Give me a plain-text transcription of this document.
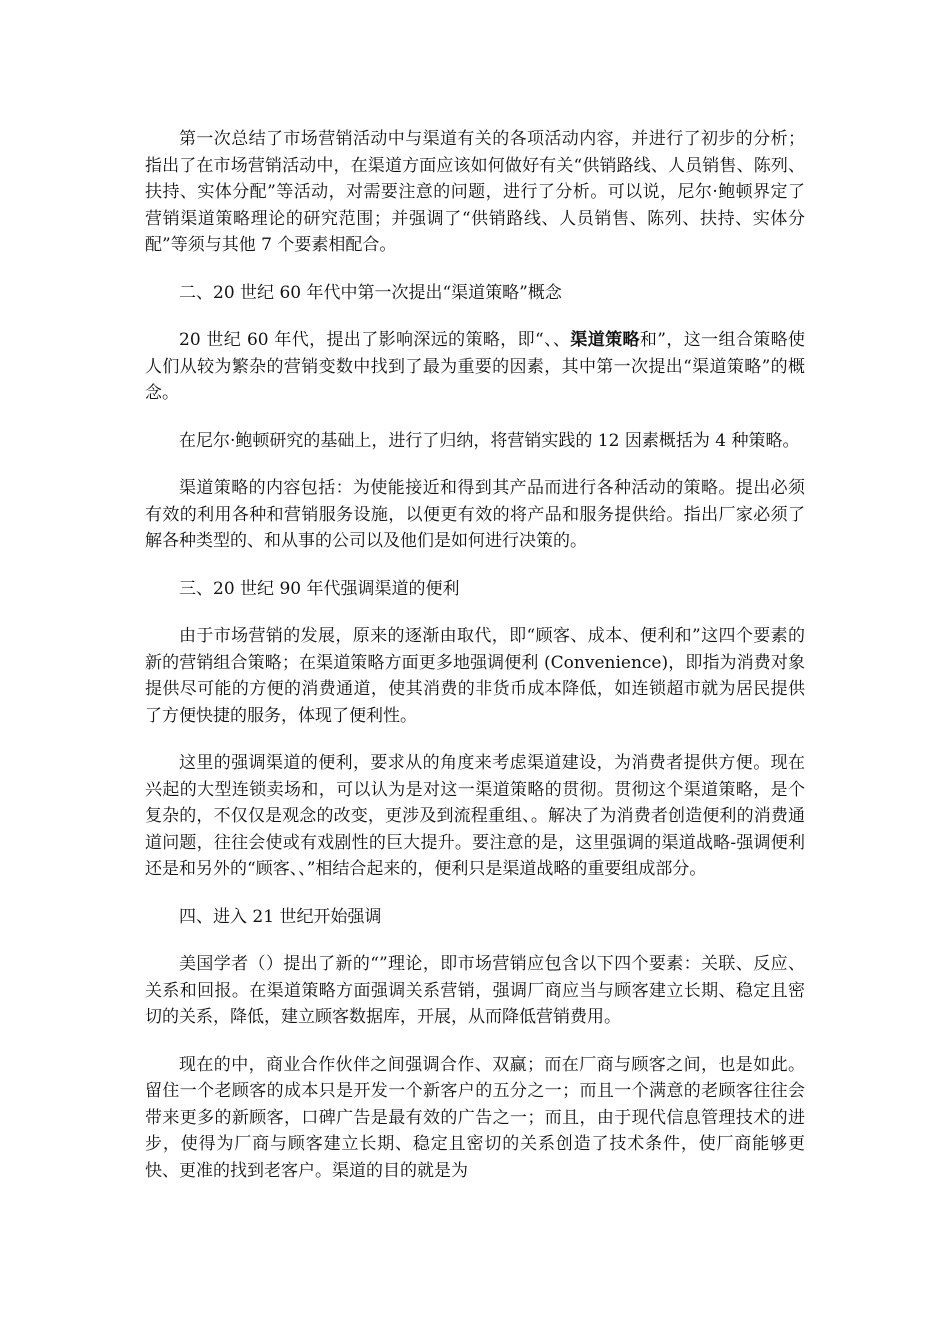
第一次总结了市场营销活动中与渠道有关的各项活动内容，并进行了初步的分析；指出了在市场营销活动中，在渠道方面应该如何做好有关“供销路线、人员销售、陈列、扶持、实体分配”等活动，对需要注意的问题，进行了分析。可以说，尼尔·鲍顿界定了营销渠道策略理论的研究范围；并强调了“供销路线、人员销售、陈列、扶持、实体分配”等须与其他 7 个要素相配合。

二、20 世纪 60 年代中第一次提出“渠道策略”概念

20 世纪 60 年代，提出了影响深远的策略，即“、、渠道策略和”，这一组合策略使人们从较为繁杂的营销变数中找到了最为重要的因素，其中第一次提出“渠道策略”的概念。

在尼尔·鲍顿研究的基础上，进行了归纳，将营销实践的 12 因素概括为 4 种策略。

渠道策略的内容包括：为使能接近和得到其产品而进行各种活动的策略。提出必须有效的利用各种和营销服务设施，以便更有效的将产品和服务提供给。指出厂家必须了解各种类型的、和从事的公司以及他们是如何进行决策的。

三、20 世纪 90 年代强调渠道的便利

由于市场营销的发展，原来的逐渐由取代，即“顾客、成本、便利和”这四个要素的新的营销组合策略；在渠道策略方面更多地强调便利 (Convenience)，即指为消费对象提供尽可能的方便的消费通道，使其消费的非货币成本降低，如连锁超市就为居民提供了方便快捷的服务，体现了便利性。

这里的强调渠道的便利，要求从的角度来考虑渠道建设，为消费者提供方便。现在兴起的大型连锁卖场和，可以认为是对这一渠道策略的贯彻。贯彻这个渠道策略，是个复杂的，不仅仅是观念的改变，更涉及到流程重组、。解决了为消费者创造便利的消费通道问题，往往会使或有戏剧性的巨大提升。要注意的是，这里强调的渠道战略-强调便利还是和另外的“顾客、、”相结合起来的，便利只是渠道战略的重要组成部分。

四、进入 21 世纪开始强调

美国学者（）提出了新的“”理论，即市场营销应包含以下四个要素：关联、反应、关系和回报。在渠道策略方面强调关系营销，强调厂商应当与顾客建立长期、稳定且密切的关系，降低，建立顾客数据库，开展，从而降低营销费用。

现在的中，商业合作伙伴之间强调合作、双赢；而在厂商与顾客之间，也是如此。留住一个老顾客的成本只是开发一个新客户的五分之一；而且一个满意的老顾客往往会带来更多的新顾客，口碑广告是最有效的广告之一；而且，由于现代信息管理技术的进步，使得为厂商与顾客建立长期、稳定且密切的关系创造了技术条件，使厂商能够更快、更准的找到老客户。渠道的目的就是为
